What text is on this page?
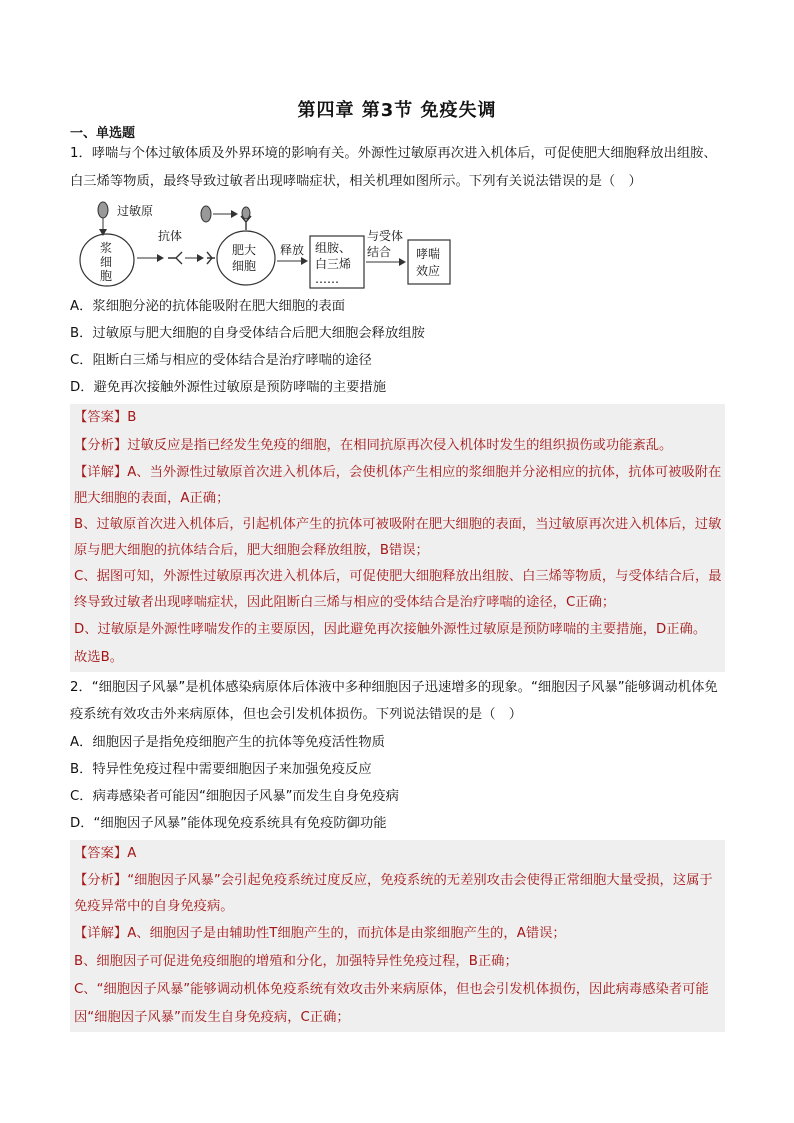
第四章 第3节 免疫失调
一、单选题
1．哮喘与个体过敏体质及外界环境的影响有关。外源性过敏原再次进入机体后，可促使肥大细胞释放出组胺、白三烯等物质，最终导致过敏者出现哮喘症状，相关机理如图所示。下列有关说法错误的是（　）
过敏原
浆
细
胞
抗体
肥大
细胞
释放 组胺、
白三烯
……
与受体
结合 哮喘
效应
A．浆细胞分泌的抗体能吸附在肥大细胞的表面
B．过敏原与肥大细胞的自身受体结合后肥大细胞会释放组胺
C．阻断白三烯与相应的受体结合是治疗哮喘的途径
D．避免再次接触外源性过敏原是预防哮喘的主要措施
【答案】B
【分析】过敏反应是指已经发生免疫的细胞，在相同抗原再次侵入机体时发生的组织损伤或功能紊乱。
【详解】A、当外源性过敏原首次进入机体后，会使机体产生相应的浆细胞并分泌相应的抗体，抗体可被吸附在肥大细胞的表面，A正确；
B、过敏原首次进入机体后，引起机体产生的抗体可被吸附在肥大细胞的表面，当过敏原再次进入机体后，过敏原与肥大细胞的抗体结合后，肥大细胞会释放组胺，B错误；
C、据图可知，外源性过敏原再次进入机体后，可促使肥大细胞释放出组胺、白三烯等物质，与受体结合后，最终导致过敏者出现哮喘症状，因此阻断白三烯与相应的受体结合是治疗哮喘的途径，C正确；
D、过敏原是外源性哮喘发作的主要原因，因此避免再次接触外源性过敏原是预防哮喘的主要措施，D正确。
故选B。
2．“细胞因子风暴”是机体感染病原体后体液中多种细胞因子迅速增多的现象。“细胞因子风暴”能够调动机体免疫系统有效攻击外来病原体，但也会引发机体损伤。下列说法错误的是（　）
A．细胞因子是指免疫细胞产生的抗体等免疫活性物质
B．特异性免疫过程中需要细胞因子来加强免疫反应
C．病毒感染者可能因“细胞因子风暴”而发生自身免疫病
D．“细胞因子风暴”能体现免疫系统具有免疫防御功能
【答案】A
【分析】“细胞因子风暴”会引起免疫系统过度反应，免疫系统的无差别攻击会使得正常细胞大量受损，这属于免疫异常中的自身免疫病。
【详解】A、细胞因子是由辅助性T细胞产生的，而抗体是由浆细胞产生的，A错误；
B、细胞因子可促进免疫细胞的增殖和分化，加强特异性免疫过程，B正确；
C、“细胞因子风暴”能够调动机体免疫系统有效攻击外来病原体，但也会引发机体损伤，因此病毒感染者可能因“细胞因子风暴”而发生自身免疫病，C正确；
